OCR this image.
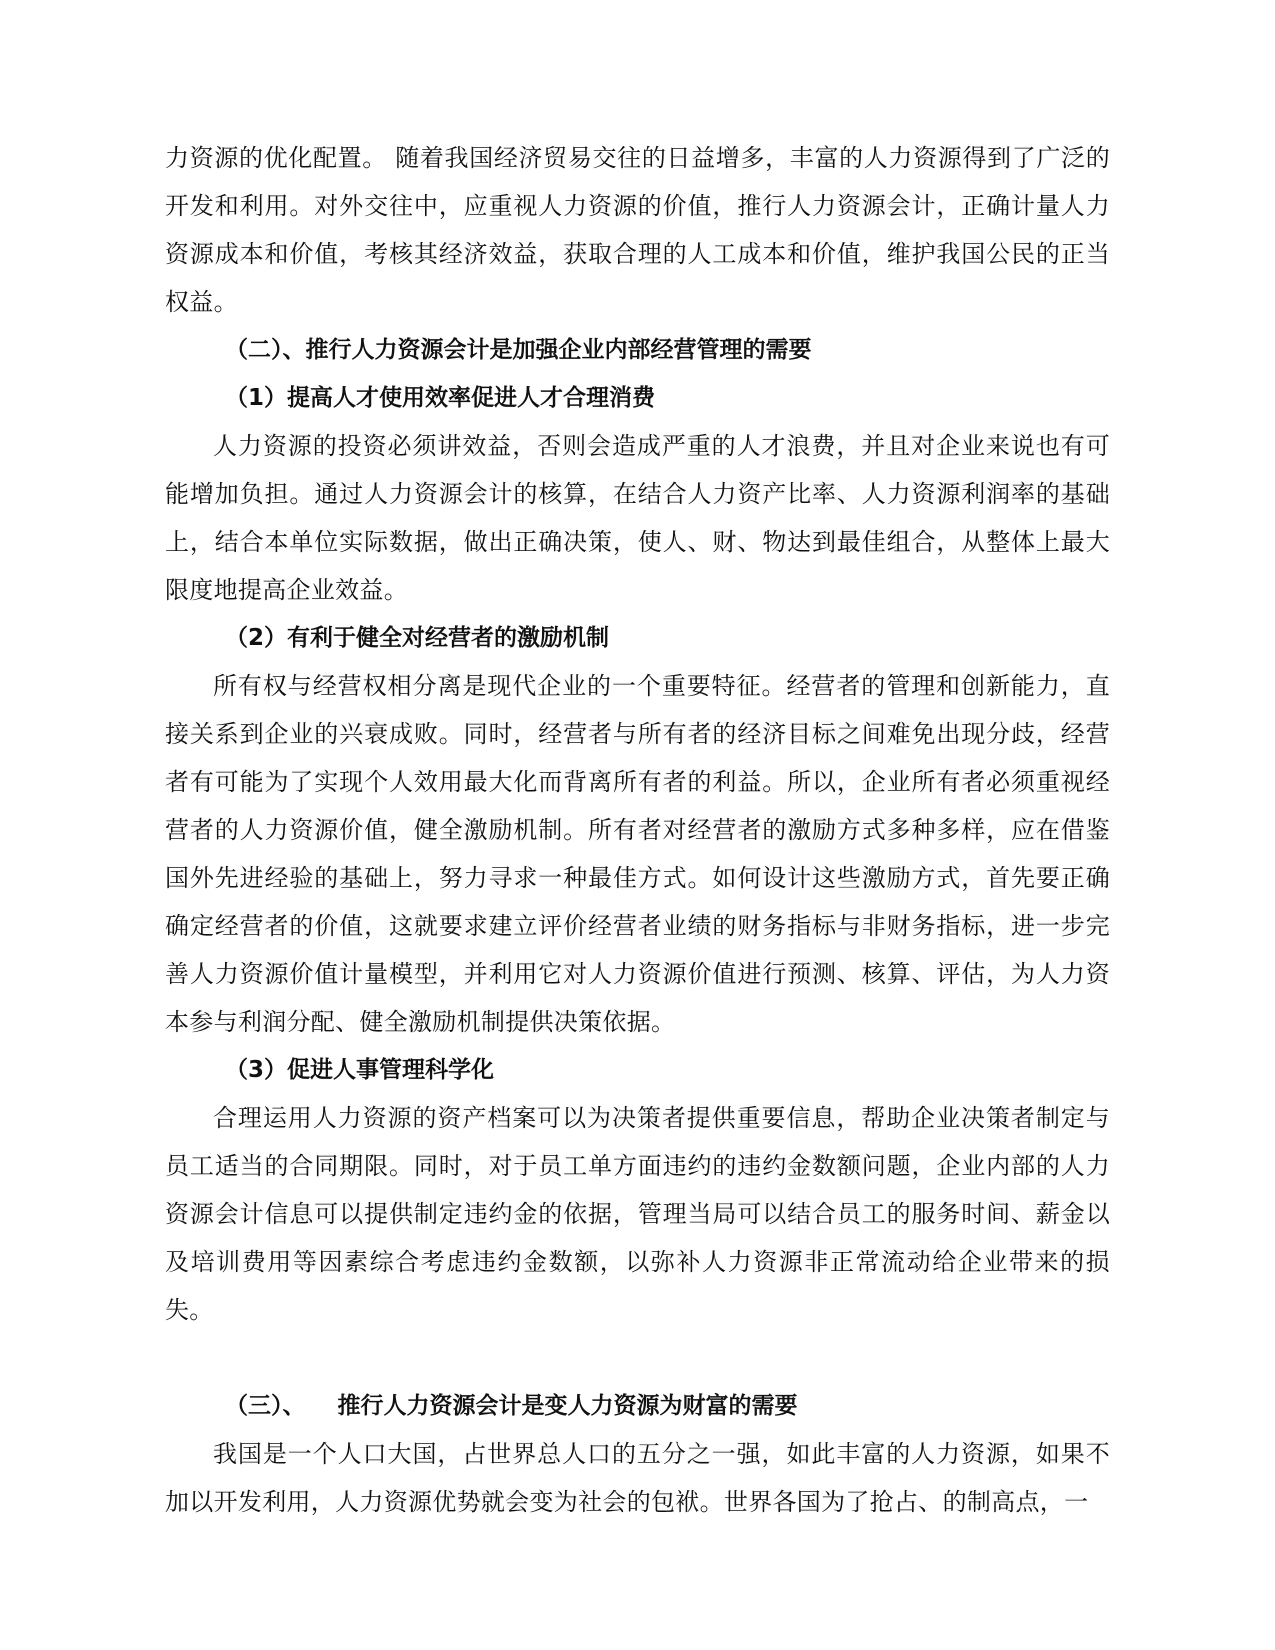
力资源的优化配置。 随着我国经济贸易交往的日益增多，丰富的人力资源得到了广泛的开发和利用。对外交往中，应重视人力资源的价值，推行人力资源会计，正确计量人力资源成本和价值，考核其经济效益，获取合理的人工成本和价值，维护我国公民的正当权益。

（二）、推行人力资源会计是加强企业内部经营管理的需要

（1）提高人才使用效率促进人才合理消费

人力资源的投资必须讲效益，否则会造成严重的人才浪费，并且对企业来说也有可能增加负担。通过人力资源会计的核算，在结合人力资产比率、人力资源利润率的基础上，结合本单位实际数据，做出正确决策，使人、财、物达到最佳组合，从整体上最大限度地提高企业效益。

（2）有利于健全对经营者的激励机制

所有权与经营权相分离是现代企业的一个重要特征。经营者的管理和创新能力，直接关系到企业的兴衰成败。同时，经营者与所有者的经济目标之间难免出现分歧，经营者有可能为了实现个人效用最大化而背离所有者的利益。所以，企业所有者必须重视经营者的人力资源价值，健全激励机制。所有者对经营者的激励方式多种多样，应在借鉴国外先进经验的基础上，努力寻求一种最佳方式。如何设计这些激励方式，首先要正确确定经营者的价值，这就要求建立评价经营者业绩的财务指标与非财务指标，进一步完善人力资源价值计量模型，并利用它对人力资源价值进行预测、核算、评估，为人力资本参与利润分配、健全激励机制提供决策依据。

（3）促进人事管理科学化

合理运用人力资源的资产档案可以为决策者提供重要信息，帮助企业决策者制定与员工适当的合同期限。同时，对于员工单方面违约的违约金数额问题，企业内部的人力资源会计信息可以提供制定违约金的依据，管理当局可以结合员工的服务时间、薪金以及培训费用等因素综合考虑违约金数额，以弥补人力资源非正常流动给企业带来的损失。

（三）、    推行人力资源会计是变人力资源为财富的需要

我国是一个人口大国，占世界总人口的五分之一强，如此丰富的人力资源，如果不加以开发利用，人力资源优势就会变为社会的包袱。世界各国为了抢占、的制高点，一
